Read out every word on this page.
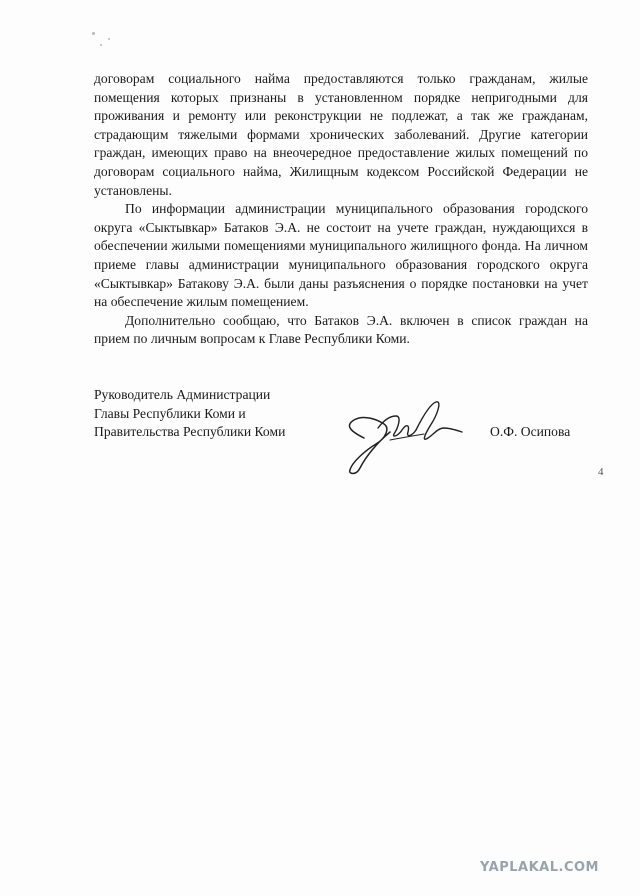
договорам социального найма предоставляются только гражданам, жилые помещения которых признаны в установленном порядке непригодными для проживания и ремонту или реконструкции не подлежат, а так же гражданам, страдающим тяжелыми формами хронических заболеваний. Другие категории граждан, имеющих право на внеочередное предоставление жилых помещений по договорам социального найма, Жилищным кодексом Российской Федерации не установлены.

По информации администрации муниципального образования городского округа «Сыктывкар» Батаков Э.А. не состоит на учете граждан, нуждающихся в обеспечении жилыми помещениями муниципального жилищного фонда. На личном приеме главы администрации муниципального образования городского округа «Сыктывкар» Батакову Э.А. были даны разъяснения о порядке постановки на учет на обеспечение жилым помещением.

Дополнительно сообщаю, что Батаков Э.А. включен в список граждан на прием по личным вопросам к Главе Республики Коми.

Руководитель Администрации
Главы Республики Коми и
Правительства Республики Коми	О.Ф. Осипова
4
YAPLAKAL.COM
